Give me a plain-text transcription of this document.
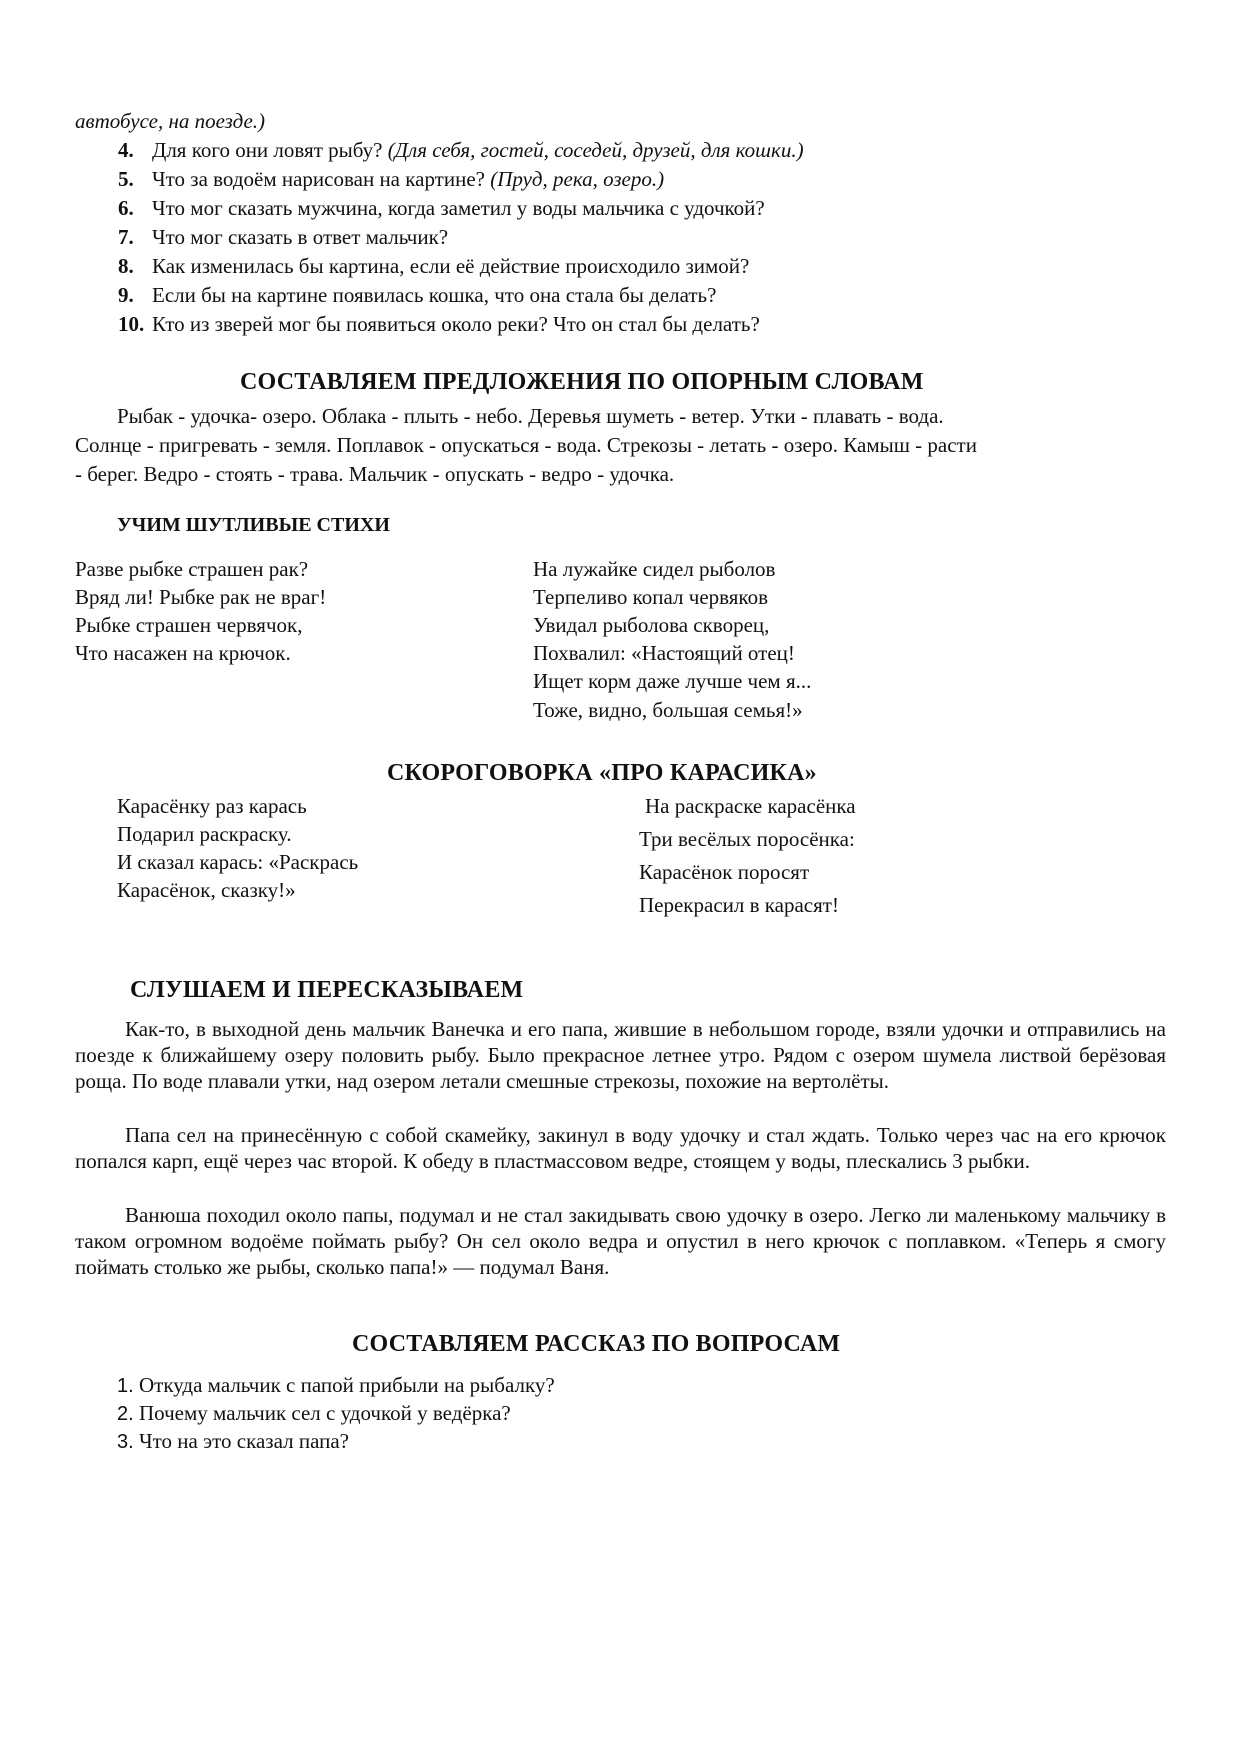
автобусе, на поезде.)
4. Для кого они ловят рыбу? (Для себя, гостей, соседей, друзей, для кошки.)
5. Что за водоём нарисован на картине? (Пруд, река, озеро.)
6. Что мог сказать мужчина, когда заметил у воды мальчика с удочкой?
7. Что мог сказать в ответ мальчик?
8. Как изменилась бы картина, если её действие происходило зимой?
9. Если бы на картине появилась кошка, что она стала бы делать?
10. Кто из зверей мог бы появиться около реки? Что он стал бы делать?
СОСТАВЛЯЕМ ПРЕДЛОЖЕНИЯ ПО ОПОРНЫМ СЛОВАМ
Рыбак - удочка- озеро. Облака - плыть - небо. Деревья шуметь - ветер. Утки - плавать - вода.
Солнце - пригревать - земля. Поплавок - опускаться - вода. Стрекозы - летать - озеро. Камыш - расти
- берег. Ведро - стоять - трава. Мальчик - опускать - ведро - удочка.
УЧИМ ШУТЛИВЫЕ СТИХИ
Разве рыбке страшен рак?
Вряд ли! Рыбке рак не враг!
Рыбке страшен червячок,
Что насажен на крючок.
На лужайке сидел рыболов
Терпеливо копал червяков
Увидал рыболова скворец,
Похвалил: «Настоящий отец!
Ищет корм даже лучше чем я...
Тоже, видно, большая семья!»
СКОРОГОВОРКА «ПРО КАРАСИКА»
Карасёнку раз карась
Подарил раскраску.
И сказал карась: «Раскрась
Карасёнок, сказку!»
На раскраске карасёнка
Три весёлых поросёнка:
Карасёнок поросят
Перекрасил в карасят!
СЛУШАЕМ И ПЕРЕСКАЗЫВАЕМ
Как-то, в выходной день мальчик Ванечка и его папа, жившие в небольшом городе, взяли удочки и отправились на поезде к ближайшему озеру половить рыбу. Было прекрасное летнее утро. Рядом с озером шумела листвой берёзовая роща. По воде плавали утки, над озером летали смешные стрекозы, похожие на вертолёты.
Папа сел на принесённую с собой скамейку, закинул в воду удочку и стал ждать. Только через час на его крючок попался карп, ещё через час второй. К обеду в пластмассовом ведре, стоящем у воды, плескались 3 рыбки.
Ванюша походил около папы, подумал и не стал закидывать свою удочку в озеро. Легко ли маленькому мальчику в таком огромном водоёме поймать рыбу? Он сел около ведра и опустил в него крючок с поплавком. «Теперь я смогу поймать столько же рыбы, сколько папа!» — подумал Ваня.
СОСТАВЛЯЕМ РАССКАЗ ПО ВОПРОСАМ
1. Откуда мальчик с папой прибыли на рыбалку?
2. Почему мальчик сел с удочкой у ведёрка?
3. Что на это сказал папа?
